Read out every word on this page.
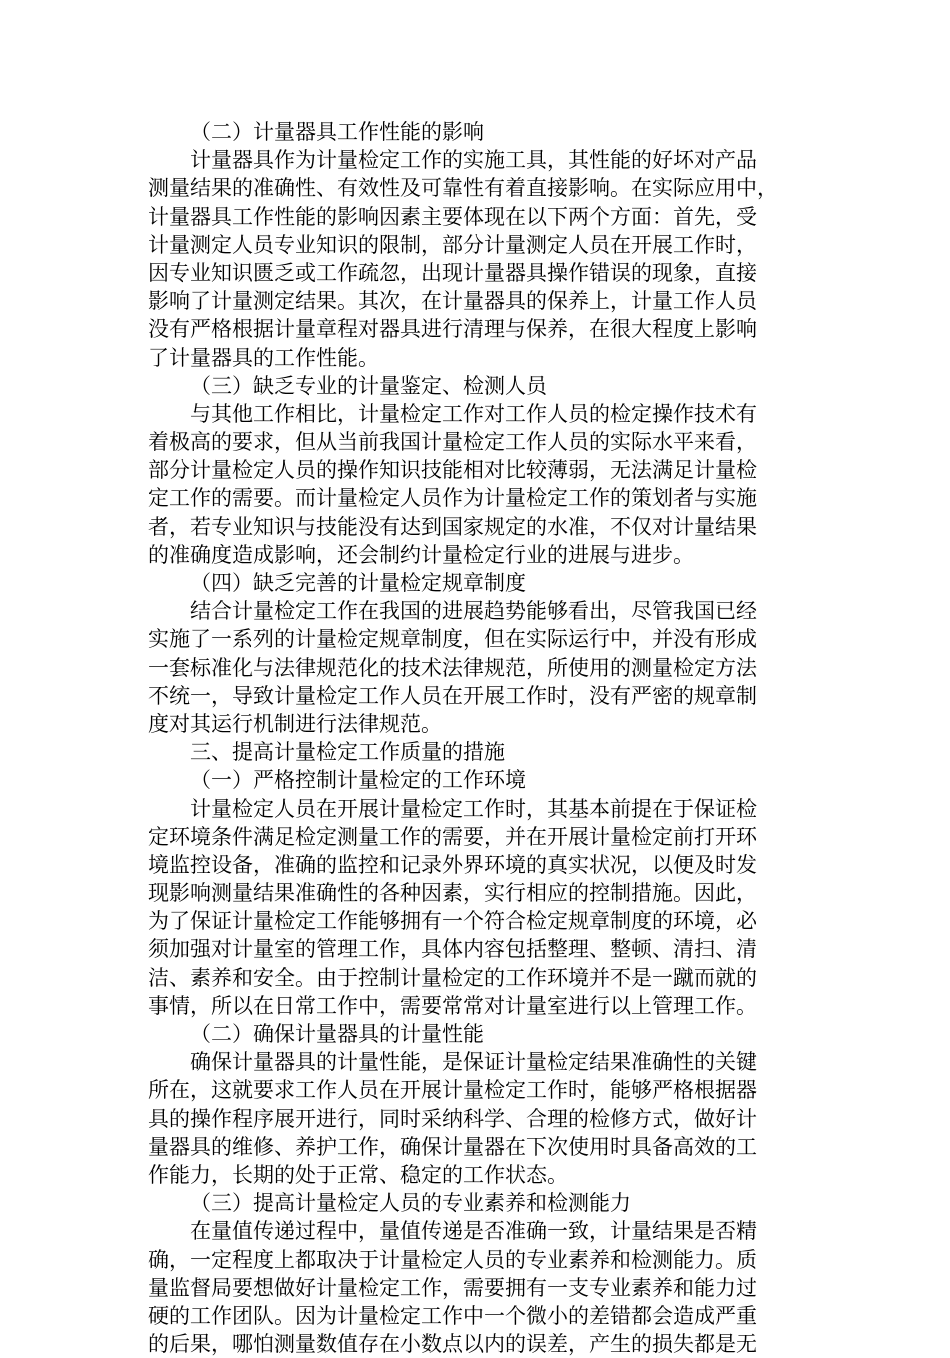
（二）计量器具工作性能的影响
计量器具作为计量检定工作的实施工具，其性能的好坏对产品
测量结果的准确性、有效性及可靠性有着直接影响。在实际应用中，
计量器具工作性能的影响因素主要体现在以下两个方面：首先，受
计量测定人员专业知识的限制，部分计量测定人员在开展工作时，
因专业知识匮乏或工作疏忽，出现计量器具操作错误的现象，直接
影响了计量测定结果。其次，在计量器具的保养上，计量工作人员
没有严格根据计量章程对器具进行清理与保养，在很大程度上影响
了计量器具的工作性能。
（三）缺乏专业的计量鉴定、检测人员
与其他工作相比，计量检定工作对工作人员的检定操作技术有
着极高的要求，但从当前我国计量检定工作人员的实际水平来看，
部分计量检定人员的操作知识技能相对比较薄弱，无法满足计量检
定工作的需要。而计量检定人员作为计量检定工作的策划者与实施
者，若专业知识与技能没有达到国家规定的水准，不仅对计量结果
的准确度造成影响，还会制约计量检定行业的进展与进步。
（四）缺乏完善的计量检定规章制度
结合计量检定工作在我国的进展趋势能够看出，尽管我国已经
实施了一系列的计量检定规章制度，但在实际运行中，并没有形成
一套标准化与法律规范化的技术法律规范，所使用的测量检定方法
不统一，导致计量检定工作人员在开展工作时，没有严密的规章制
度对其运行机制进行法律规范。
三、提高计量检定工作质量的措施
（一）严格控制计量检定的工作环境
计量检定人员在开展计量检定工作时，其基本前提在于保证检
定环境条件满足检定测量工作的需要，并在开展计量检定前打开环
境监控设备，准确的监控和记录外界环境的真实状况，以便及时发
现影响测量结果准确性的各种因素，实行相应的控制措施。因此，
为了保证计量检定工作能够拥有一个符合检定规章制度的环境，必
须加强对计量室的管理工作，具体内容包括整理、整顿、清扫、清
洁、素养和安全。由于控制计量检定的工作环境并不是一蹴而就的
事情，所以在日常工作中，需要常常对计量室进行以上管理工作。
（二）确保计量器具的计量性能
确保计量器具的计量性能，是保证计量检定结果准确性的关键
所在，这就要求工作人员在开展计量检定工作时，能够严格根据器
具的操作程序展开进行，同时采纳科学、合理的检修方式，做好计
量器具的维修、养护工作，确保计量器在下次使用时具备高效的工
作能力，长期的处于正常、稳定的工作状态。
（三）提高计量检定人员的专业素养和检测能力
在量值传递过程中，量值传递是否准确一致，计量结果是否精
确，一定程度上都取决于计量检定人员的专业素养和检测能力。质
量监督局要想做好计量检定工作，需要拥有一支专业素养和能力过
硬的工作团队。因为计量检定工作中一个微小的差错都会造成严重
的后果，哪怕测量数值存在小数点以内的误差，产生的损失都是无
